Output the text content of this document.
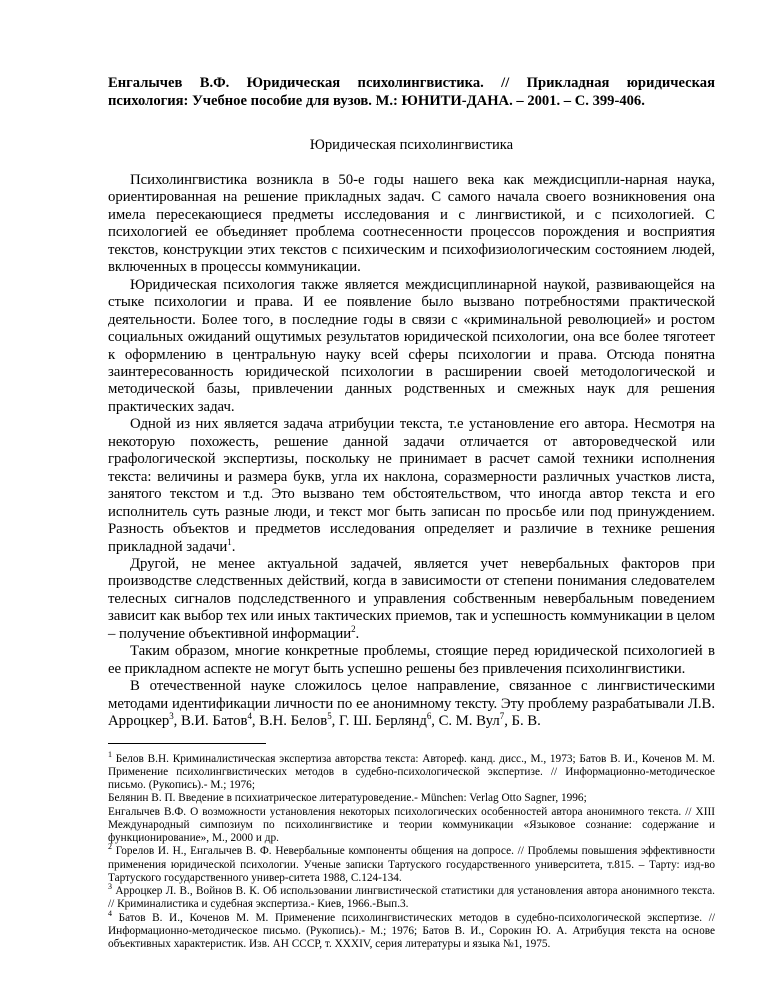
Енгалычев В.Ф. Юридическая психолингвистика. // Прикладная юридическая психология: Учебное пособие для вузов. М.: ЮНИТИ-ДАНА. – 2001. – С. 399-406.

Юридическая психолингвистика

Психолингвистика возникла в 50-е годы нашего века как междисципли-нарная наука, ориентированная на решение прикладных задач. С самого начала своего возникновения она имела пересекающиеся предметы исследования и с лингвистикой, и с психологией. С психологией ее объединяет проблема соотнесенности процессов порождения и восприятия текстов, конструкции этих текстов с психическим и психофизиологическим состоянием людей, включенных в процессы коммуникации.

Юридическая психология также является междисциплинарной наукой, развивающейся на стыке психологии и права. И ее появление было вызвано потребностями практической деятельности. Более того, в последние годы в связи с «криминальной революцией» и ростом социальных ожиданий ощутимых результатов юридической психологии, она все более тяготеет к оформлению в центральную науку всей сферы психологии и права. Отсюда понятна заинтересованность юридической психологии в расширении своей методологической и методической базы, привлечении данных родственных и смежных наук для решения практических задач.

Одной из них является задача атрибуции текста, т.е установление его автора. Несмотря на некоторую похожесть, решение данной задачи отличается от автороведческой или графологической экспертизы, поскольку не принимает в расчет самой техники исполнения текста: величины и размера букв, угла их наклона, соразмерности различных участков листа, занятого текстом и т.д. Это вызвано тем обстоятельством, что иногда автор текста и его исполнитель суть разные люди, и текст мог быть записан по просьбе или под принуждением. Разность объектов и предметов исследования определяет и различие в технике решения прикладной задачи$^1$.

Другой, не менее актуальной задачей, является учет невербальных факторов при производстве следственных действий, когда в зависимости от степени понимания следователем телесных сигналов подследственного и управления собственным невербальным поведением зависит как выбор тех или иных тактических приемов, так и успешность коммуникации в целом – получение объективной информации$^2$.

Таким образом, многие конкретные проблемы, стоящие перед юридической психологией в ее прикладном аспекте не могут быть успешно решены без привлечения психолингвистики.

В отечественной науке сложилось целое направление, связанное с лингвистическими методами идентификации личности по ее анонимному тексту. Эту проблему разрабатывали Л.В. Арроцкер$^3$, В.И. Батов$^4$, В.Н. Белов$^5$, Г. Ш. Берлянд$^6$, С. М. Вул$^7$, Б. В.

$^1$ Белов В.Н. Криминалистическая экспертиза авторства текста: Автореф. канд. дисс., М., 1973; Батов В. И., Коченов М. М. Применение психолингвистических методов в судебно-психологической экспертизе. // Информационно-методическое письмо. (Рукопись).- М.; 1976;
Белянин В. П. Введение в психиатрическое литературоведение.- München: Verlag Otto Sagner, 1996;
Енгалычев В.Ф. О возможности установления некоторых психологических особенностей автора анонимного текста. // XIII Международный симпозиум по психолингвистике и теории коммуникации «Языковое сознание: содержание и функционирование», М., 2000 и др.

$^2$ Горелов И. Н., Енгалычев В. Ф. Невербальные компоненты общения на допросе. // Проблемы повышения эффективности применения юридической психологии. Ученые записки Тартуского государственного университета, т.815. – Тарту: изд-во Тартуского государственного универ-ситета 1988, С.124-134.

$^3$ Арроцкер Л. В., Войнов В. К. Об использовании лингвистической статистики для установления автора анонимного текста. // Криминалистика и судебная экспертиза.- Киев, 1966.-Вып.3.

$^4$ Батов В. И., Коченов М. М. Применение психолингвистических методов в судебно-психологической экспертизе. // Информационно-методическое письмо. (Рукопись).- М.; 1976; Батов В. И., Сорокин Ю. А. Атрибуция текста на основе объективных характеристик. Изв. АН СССР, т. XXXIV, серия литературы и языка №1, 1975.
